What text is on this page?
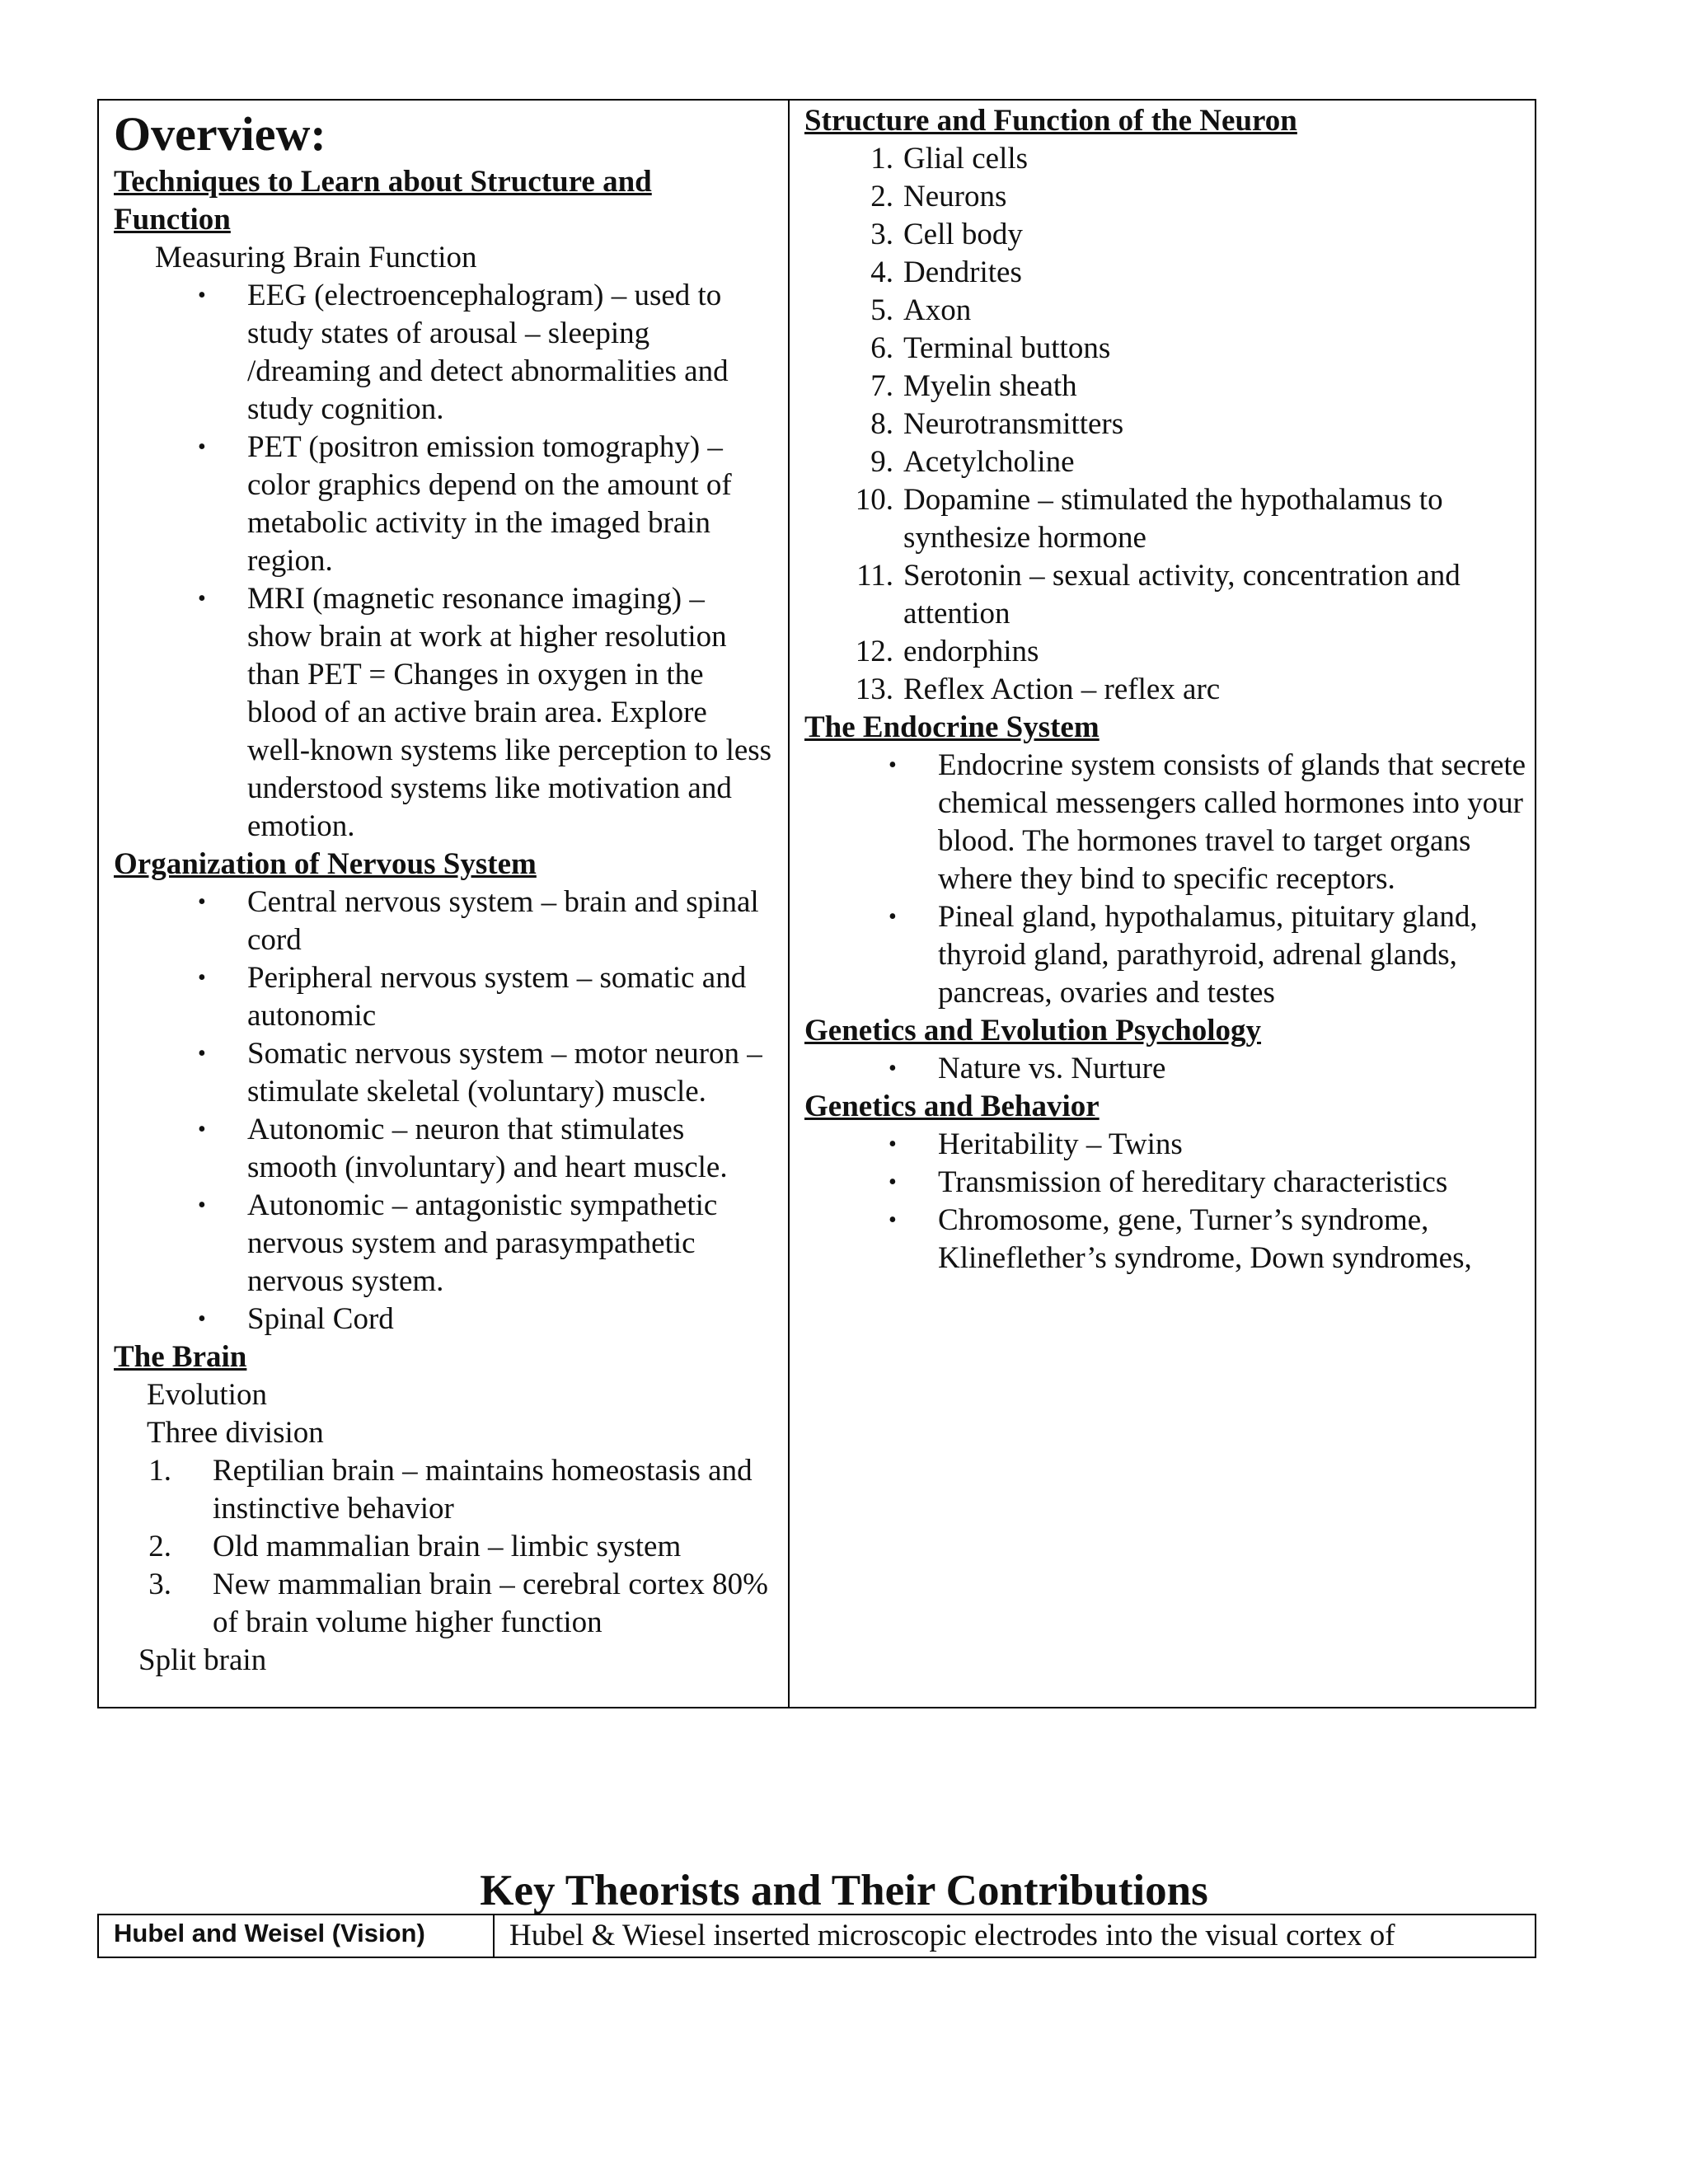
Overview:
Techniques to Learn about Structure and Function
Measuring Brain Function
• EEG (electroencephalogram) – used to study states of arousal – sleeping /dreaming and detect abnormalities and study cognition.
• PET (positron emission tomography) – color graphics depend on the amount of metabolic activity in the imaged brain region.
• MRI (magnetic resonance imaging) – show brain at work at higher resolution than PET = Changes in oxygen in the blood of an active brain area. Explore well-known systems like perception to less understood systems like motivation and emotion.
Organization of Nervous System
• Central nervous system – brain and spinal cord
• Peripheral nervous system – somatic and autonomic
• Somatic nervous system – motor neuron – stimulate skeletal (voluntary) muscle.
• Autonomic – neuron that stimulates smooth (involuntary) and heart muscle.
• Autonomic – antagonistic sympathetic nervous system and parasympathetic nervous system.
• Spinal Cord
The Brain
Evolution
Three division
1. Reptilian brain – maintains homeostasis and instinctive behavior
2. Old mammalian brain – limbic system
3. New mammalian brain – cerebral cortex 80% of brain volume higher function
Split brain
Structure and Function of the Neuron
1. Glial cells
2. Neurons
3. Cell body
4. Dendrites
5. Axon
6. Terminal buttons
7. Myelin sheath
8. Neurotransmitters
9. Acetylcholine
10. Dopamine – stimulated the hypothalamus to synthesize hormone
11. Serotonin – sexual activity, concentration and attention
12. endorphins
13. Reflex Action – reflex arc
The Endocrine System
• Endocrine system consists of glands that secrete chemical messengers called hormones into your blood. The hormones travel to target organs where they bind to specific receptors.
• Pineal gland, hypothalamus, pituitary gland, thyroid gland, parathyroid, adrenal glands, pancreas, ovaries and testes
Genetics and Evolution Psychology
• Nature vs. Nurture
Genetics and Behavior
• Heritability – Twins
• Transmission of hereditary characteristics
• Chromosome, gene, Turner’s syndrome, Klineflether’s syndrome, Down syndromes,
Key Theorists and Their Contributions
Hubel and Weisel (Vision)	Hubel & Wiesel inserted microscopic electrodes into the visual cortex of
